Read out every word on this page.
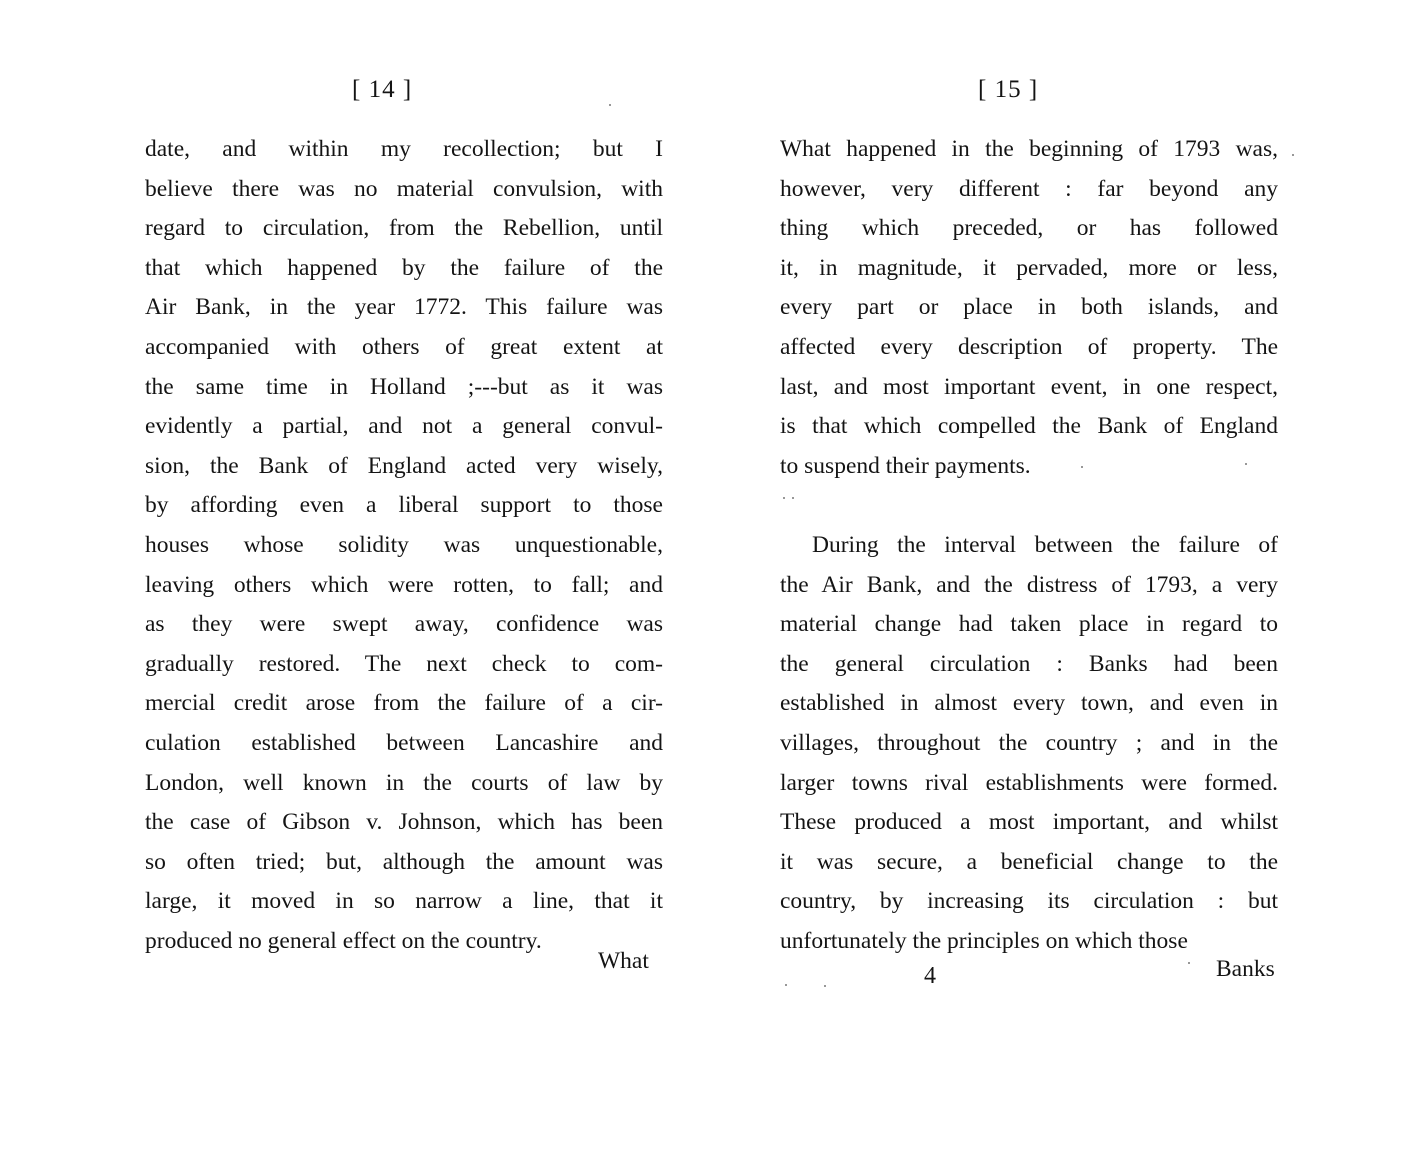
[ 14 ]
date, and within my recollection; but I
believe there was no material convulsion, with
regard to circulation, from the Rebellion, until
that which happened by the failure of the
Air Bank, in the year 1772. This failure was
accompanied with others of great extent at
the same time in Holland ;---but as it was
evidently a partial, and not a general convul-
sion, the Bank of England acted very wisely,
by affording even a liberal support to those
houses whose solidity was unquestionable,
leaving others which were rotten, to fall; and
as they were swept away, confidence was
gradually restored. The next check to com-
mercial credit arose from the failure of a cir-
culation established between Lancashire and
London, well known in the courts of law by
the case of Gibson v. Johnson, which has been
so often tried; but, although the amount was
large, it moved in so narrow a line, that it
produced no general effect on the country.
What
[ 15 ]
What happened in the beginning of 1793 was,
however, very different : far beyond any
thing which preceded, or has followed
it, in magnitude, it pervaded, more or less,
every part or place in both islands, and
affected every description of property. The
last, and most important event, in one respect,
is that which compelled the Bank of England
to suspend their payments.
During the interval between the failure of
the Air Bank, and the distress of 1793, a very
material change had taken place in regard to
the general circulation : Banks had been
established in almost every town, and even in
villages, throughout the country ; and in the
larger towns rival establishments were formed.
These produced a most important, and whilst
it was secure, a beneficial change to the
country, by increasing its circulation : but
unfortunately the principles on which those
4	Banks
